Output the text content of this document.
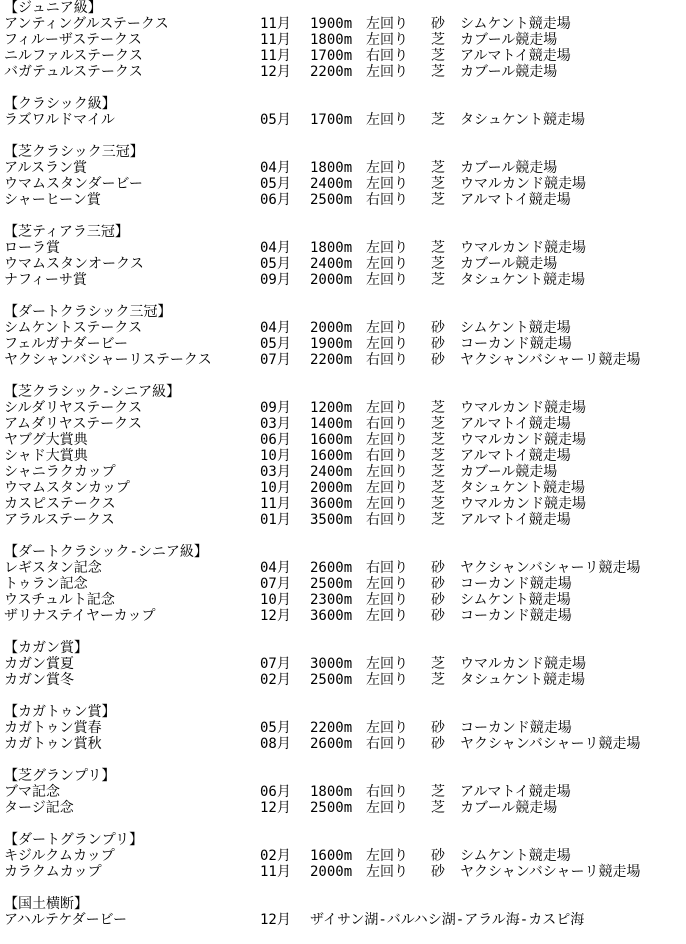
【ジュニア級】
アンティングルステークス	11月 1900m 左回り 砂 シムケント競走場
フィルーザステークス	11月 1800m 左回り 芝 カブール競走場
ニルファルステークス	11月 1700m 右回り 芝 アルマトイ競走場
バガテュルステークス	12月 2200m 左回り 芝 カブール競走場
【クラシック級】
ラズワルドマイル	05月 1700m 左回り 芝 タシュケント競走場
【芝クラシック三冠】
アルスラン賞	04月 1800m 左回り 芝 カブール競走場
ウマムスタンダービー	05月 2400m 左回り 芝 ウマルカンド競走場
シャーヒーン賞	06月 2500m 右回り 芝 アルマトイ競走場
【芝ティアラ三冠】
ローラ賞	04月 1800m 左回り 芝 ウマルカンド競走場
ウマムスタンオークス	05月 2400m 左回り 芝 カブール競走場
ナフィーサ賞	09月 2000m 左回り 芝 タシュケント競走場
【ダートクラシック三冠】
シムケントステークス	04月 2000m 左回り 砂 シムケント競走場
フェルガナダービー	05月 1900m 左回り 砂 コーカンド競走場
ヤクシャンバシャーリステークス	07月 2200m 右回り 砂 ヤクシャンバシャーリ競走場
【芝クラシック-シニア級】
シルダリヤステークス	09月 1200m 左回り 芝 ウマルカンド競走場
アムダリヤステークス	03月 1400m 右回り 芝 アルマトイ競走場
ヤブグ大賞典	06月 1600m 左回り 芝 ウマルカンド競走場
シャド大賞典	10月 1600m 右回り 芝 アルマトイ競走場
シャニラクカップ	03月 2400m 左回り 芝 カブール競走場
ウマムスタンカップ	10月 2000m 左回り 芝 タシュケント競走場
カスピステークス	11月 3600m 左回り 芝 ウマルカンド競走場
アラルステークス	01月 3500m 右回り 芝 アルマトイ競走場
【ダートクラシック-シニア級】
レギスタン記念	04月 2600m 右回り 砂 ヤクシャンバシャーリ競走場
トゥラン記念	07月 2500m 左回り 砂 コーカンド競走場
ウスチュルト記念	10月 2300m 左回り 砂 シムケント競走場
ザリナステイヤーカップ	12月 3600m 左回り 砂 コーカンド競走場
【カガン賞】
カガン賞夏	07月 3000m 左回り 芝 ウマルカンド競走場
カガン賞冬	02月 2500m 左回り 芝 タシュケント競走場
【カガトゥン賞】
カガトゥン賞春	05月 2200m 左回り 砂 コーカンド競走場
カガトゥン賞秋	08月 2600m 右回り 砂 ヤクシャンバシャーリ競走場
【芝グランプリ】
ブマ記念	06月 1800m 右回り 芝 アルマトイ競走場
タージ記念	12月 2500m 左回り 芝 カブール競走場
【ダートグランプリ】
キジルクムカップ	02月 1600m 左回り 砂 シムケント競走場
カラクムカップ	11月 2000m 左回り 砂 ヤクシャンバシャーリ競走場
【国土横断】
アハルテケダービー	12月 ザイサン湖-バルハシ湖-アラル海-カスピ海
